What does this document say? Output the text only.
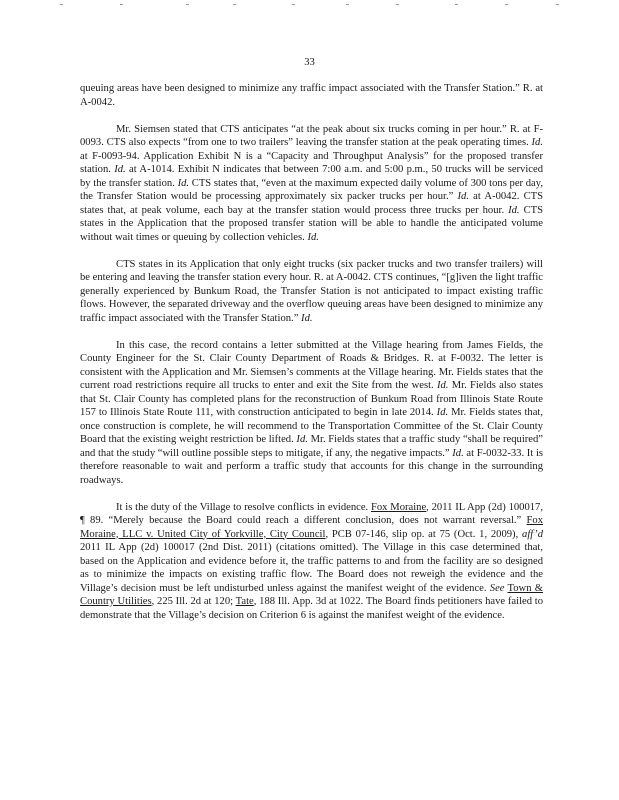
33

queuing areas have been designed to minimize any traffic impact associated with the Transfer Station.” R. at A-0042.

Mr. Siemsen stated that CTS anticipates “at the peak about six trucks coming in per hour.” R. at F-0093. CTS also expects “from one to two trailers” leaving the transfer station at the peak operating times. Id. at F-0093-94. Application Exhibit N is a “Capacity and Throughput Analysis” for the proposed transfer station. Id. at A-1014. Exhibit N indicates that between 7:00 a.m. and 5:00 p.m., 50 trucks will be serviced by the transfer station. Id. CTS states that, “even at the maximum expected daily volume of 300 tons per day, the Transfer Station would be processing approximately six packer trucks per hour.” Id. at A-0042. CTS states that, at peak volume, each bay at the transfer station would process three trucks per hour. Id. CTS states in the Application that the proposed transfer station will be able to handle the anticipated volume without wait times or queuing by collection vehicles. Id.

CTS states in its Application that only eight trucks (six packer trucks and two transfer trailers) will be entering and leaving the transfer station every hour. R. at A-0042. CTS continues, “[g]iven the light traffic generally experienced by Bunkum Road, the Transfer Station is not anticipated to impact existing traffic flows. However, the separated driveway and the overflow queuing areas have been designed to minimize any traffic impact associated with the Transfer Station.” Id.

In this case, the record contains a letter submitted at the Village hearing from James Fields, the County Engineer for the St. Clair County Department of Roads & Bridges. R. at F-0032. The letter is consistent with the Application and Mr. Siemsen’s comments at the Village hearing. Mr. Fields states that the current road restrictions require all trucks to enter and exit the Site from the west. Id. Mr. Fields also states that St. Clair County has completed plans for the reconstruction of Bunkum Road from Illinois State Route 157 to Illinois State Route 111, with construction anticipated to begin in late 2014. Id. Mr. Fields states that, once construction is complete, he will recommend to the Transportation Committee of the St. Clair County Board that the existing weight restriction be lifted. Id. Mr. Fields states that a traffic study “shall be required” and that the study “will outline possible steps to mitigate, if any, the negative impacts.” Id. at F-0032-33. It is therefore reasonable to wait and perform a traffic study that accounts for this change in the surrounding roadways.

It is the duty of the Village to resolve conflicts in evidence. Fox Moraine, 2011 IL App (2d) 100017, ¶ 89. “Merely because the Board could reach a different conclusion, does not warrant reversal.” Fox Moraine, LLC v. United City of Yorkville, City Council, PCB 07-146, slip op. at 75 (Oct. 1, 2009), aff’d 2011 IL App (2d) 100017 (2nd Dist. 2011) (citations omitted). The Village in this case determined that, based on the Application and evidence before it, the traffic patterns to and from the facility are so designed as to minimize the impacts on existing traffic flow. The Board does not reweigh the evidence and the Village’s decision must be left undisturbed unless against the manifest weight of the evidence. See Town & Country Utilities, 225 Ill. 2d at 120; Tate, 188 Ill. App. 3d at 1022. The Board finds petitioners have failed to demonstrate that the Village’s decision on Criterion 6 is against the manifest weight of the evidence.
